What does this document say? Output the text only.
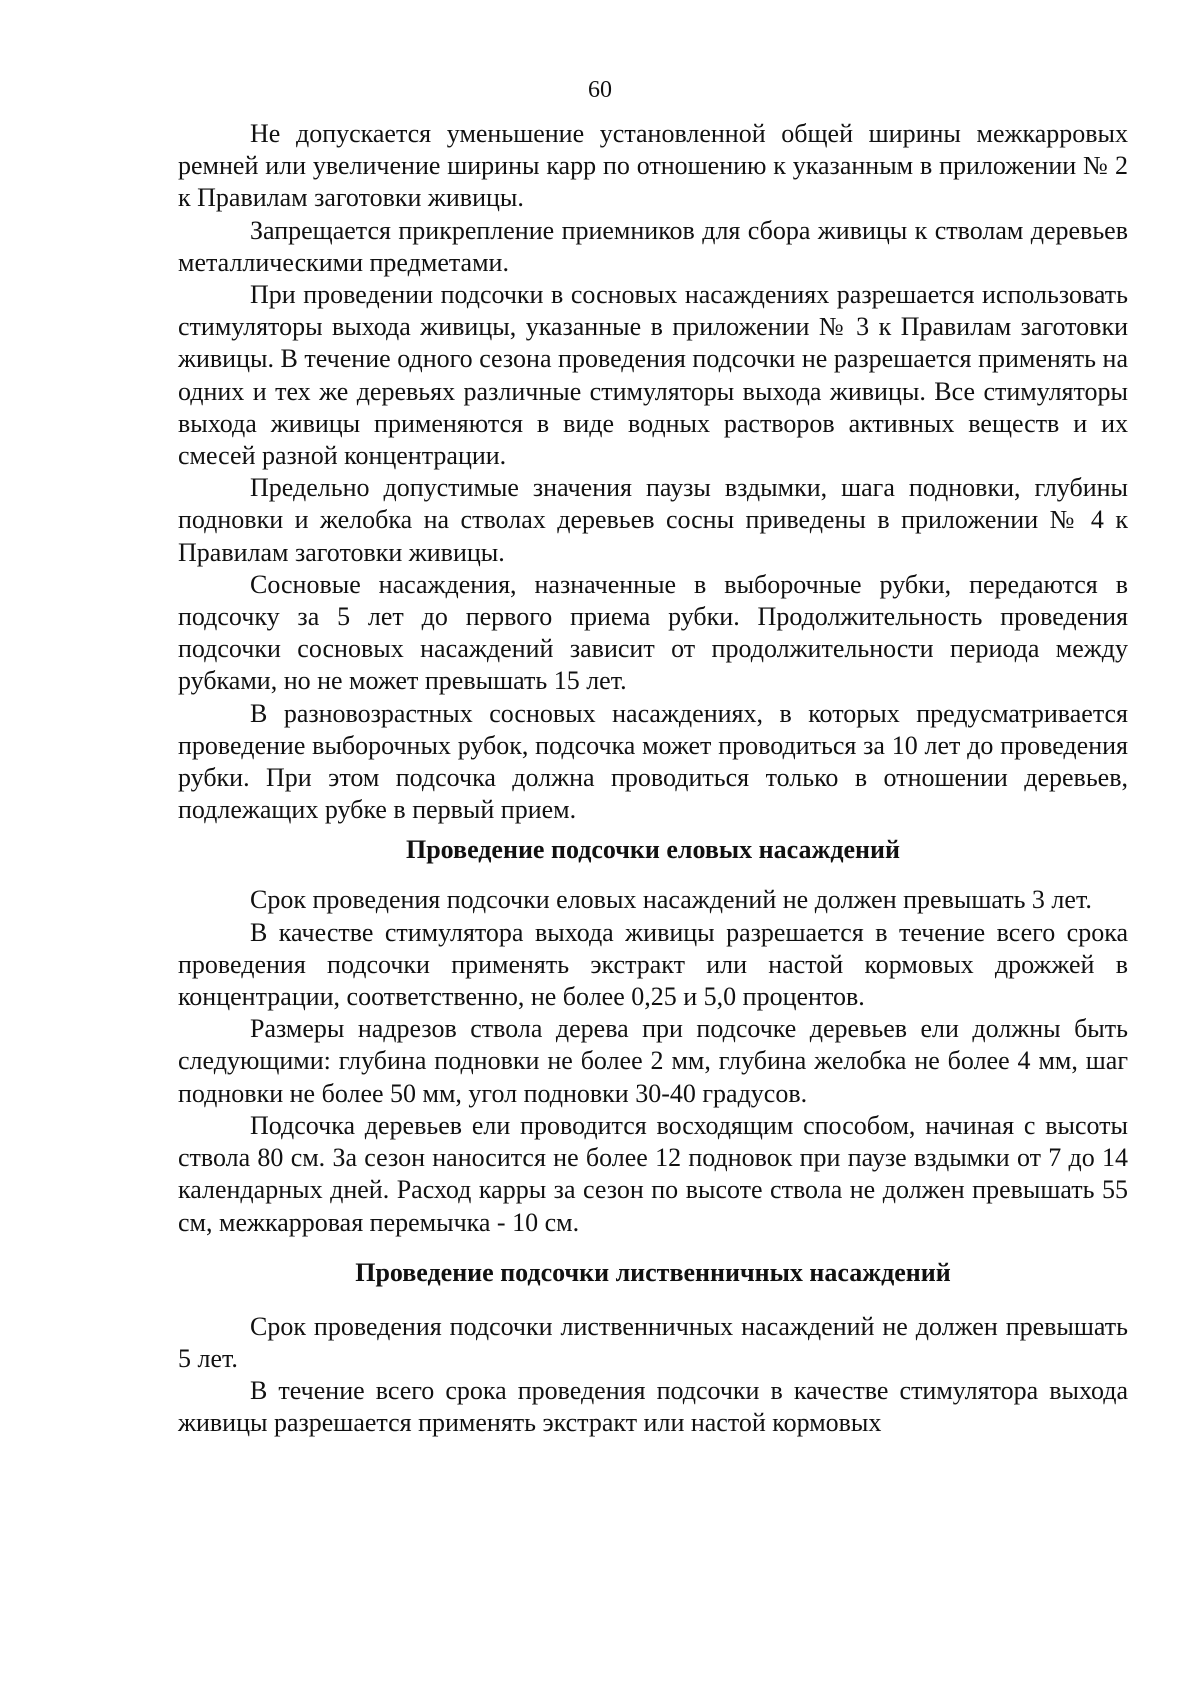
60

Не допускается уменьшение установленной общей ширины межкарровых ремней или увеличение ширины карр по отношению к указанным в приложении № 2 к Правилам заготовки живицы.

Запрещается прикрепление приемников для сбора живицы к стволам деревьев металлическими предметами.

При проведении подсочки в сосновых насаждениях разрешается использовать стимуляторы выхода живицы, указанные в приложении № 3 к Правилам заготовки живицы. В течение одного сезона проведения подсочки не разрешается применять на одних и тех же деревьях различные стимуляторы выхода живицы. Все стимуляторы выхода живицы применяются в виде водных растворов активных веществ и их смесей разной концентрации.

Предельно допустимые значения паузы вздымки, шага подновки, глубины подновки и желобка на стволах деревьев сосны приведены в приложении № 4 к Правилам заготовки живицы.

Сосновые насаждения, назначенные в выборочные рубки, передаются в подсочку за 5 лет до первого приема рубки. Продолжительность проведения подсочки сосновых насаждений зависит от продолжительности периода между рубками, но не может превышать 15 лет.

В разновозрастных сосновых насаждениях, в которых предусматривается проведение выборочных рубок, подсочка может проводиться за 10 лет до проведения рубки. При этом подсочка должна проводиться только в отношении деревьев, подлежащих рубке в первый прием.

Проведение подсочки еловых насаждений

Срок проведения подсочки еловых насаждений не должен превышать 3 лет.

В качестве стимулятора выхода живицы разрешается в течение всего срока проведения подсочки применять экстракт или настой кормовых дрожжей в концентрации, соответственно, не более 0,25 и 5,0 процентов.

Размеры надрезов ствола дерева при подсочке деревьев ели должны быть следующими: глубина подновки не более 2 мм, глубина желобка не более 4 мм, шаг подновки не более 50 мм, угол подновки 30-40 градусов.

Подсочка деревьев ели проводится восходящим способом, начиная с высоты ствола 80 см. За сезон наносится не более 12 подновок при паузе вздымки от 7 до 14 календарных дней. Расход карры за сезон по высоте ствола не должен превышать 55 см, межкарровая перемычка - 10 см.

Проведение подсочки лиственничных насаждений

Срок проведения подсочки лиственничных насаждений не должен превышать 5 лет.

В течение всего срока проведения подсочки в качестве стимулятора выхода живицы разрешается применять экстракт или настой кормовых
